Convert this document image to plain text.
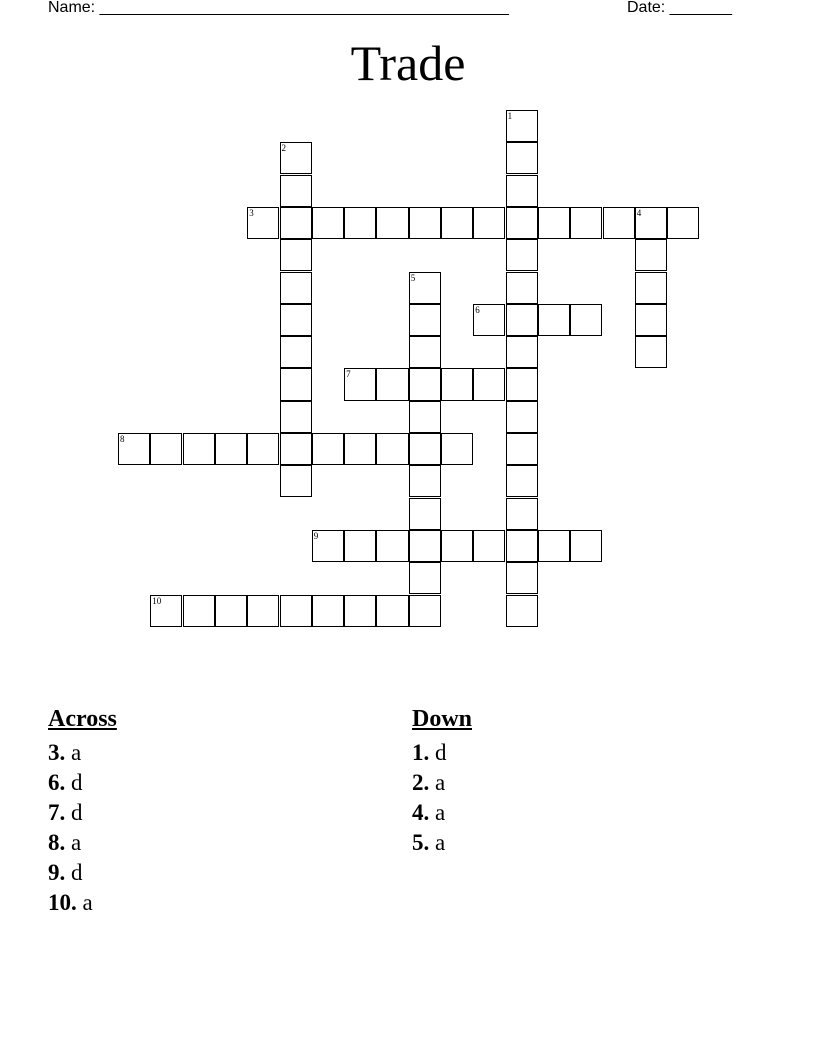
Name: ______________________________________________	Date: _______
Trade
1
2
3	4
5
6
7
8
9
10
Across
3. a
6. d
7. d
8. a
9. d
10. a
Down
1. d
2. a
4. a
5. a
